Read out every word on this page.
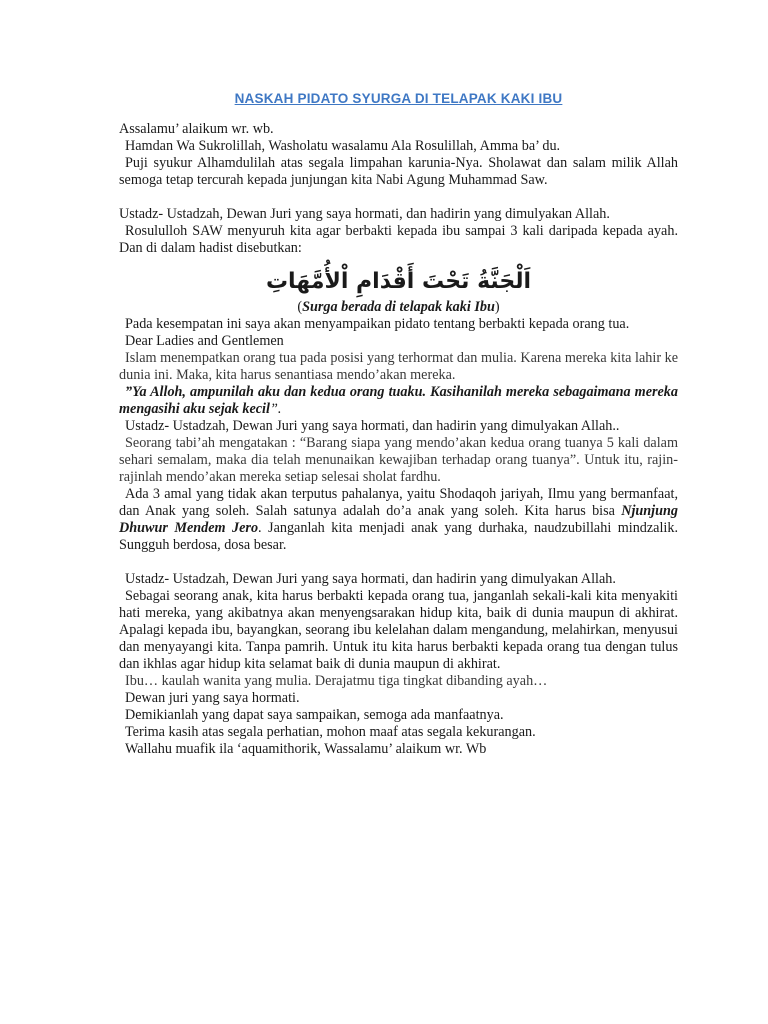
NASKAH PIDATO SYURGA DI TELAPAK KAKI IBU

Assalamu’ alaikum wr. wb.

Hamdan Wa Sukrolillah, Washolatu wasalamu Ala Rosulillah, Amma ba’ du.

Puji syukur Alhamdulilah atas segala limpahan karunia-Nya. Sholawat dan salam milik Allah semoga tetap tercurah kepada junjungan kita Nabi Agung Muhammad Saw.

Ustadz- Ustadzah, Dewan Juri yang saya hormati, dan hadirin yang dimulyakan Allah.

Rosululloh SAW menyuruh kita agar berbakti kepada ibu sampai 3 kali daripada kepada ayah. Dan di dalam hadist disebutkan:

اَلْجَنَّةُ تَحْتَ أَقْدَامِ اْلأُمَّهَاتِ

(Surga berada di telapak kaki Ibu)

Pada kesempatan ini saya akan menyampaikan pidato tentang berbakti kepada orang tua.

Dear Ladies and Gentlemen

Islam menempatkan orang tua pada posisi yang terhormat dan mulia. Karena mereka kita lahir ke dunia ini. Maka, kita harus senantiasa mendo’akan mereka.

”Ya Alloh, ampunilah aku dan kedua orang tuaku. Kasihanilah mereka sebagaimana mereka mengasihi aku sejak kecil”.

Ustadz- Ustadzah, Dewan Juri yang saya hormati, dan hadirin yang dimulyakan Allah..

Seorang tabi’ah mengatakan : “Barang siapa yang mendo’akan kedua orang tuanya 5 kali dalam sehari semalam, maka dia telah menunaikan kewajiban terhadap orang tuanya”. Untuk itu, rajin-rajinlah mendo’akan mereka setiap selesai sholat fardhu.

Ada 3 amal yang tidak akan terputus pahalanya, yaitu Shodaqoh jariyah, Ilmu yang bermanfaat, dan Anak yang soleh. Salah satunya adalah do’a anak yang soleh. Kita harus bisa Njunjung Dhuwur Mendem Jero. Janganlah kita menjadi anak yang durhaka, naudzubillahi mindzalik. Sungguh berdosa, dosa besar.

Ustadz- Ustadzah, Dewan Juri yang saya hormati, dan hadirin yang dimulyakan Allah.

Sebagai seorang anak, kita harus berbakti kepada orang tua, janganlah sekali-kali kita menyakiti hati mereka, yang akibatnya akan menyengsarakan hidup kita, baik di dunia maupun di akhirat. Apalagi kepada ibu, bayangkan, seorang ibu kelelahan dalam mengandung, melahirkan, menyusui dan menyayangi kita. Tanpa pamrih. Untuk itu kita harus berbakti kepada orang tua dengan tulus dan ikhlas agar hidup kita selamat baik di dunia maupun di akhirat.

Ibu… kaulah wanita yang mulia. Derajatmu tiga tingkat dibanding ayah…

Dewan juri yang saya hormati.

Demikianlah yang dapat saya sampaikan, semoga ada manfaatnya.

Terima kasih atas segala perhatian, mohon maaf atas segala kekurangan.

Wallahu muafik ila ‘aquamithorik, Wassalamu’ alaikum wr. Wb
